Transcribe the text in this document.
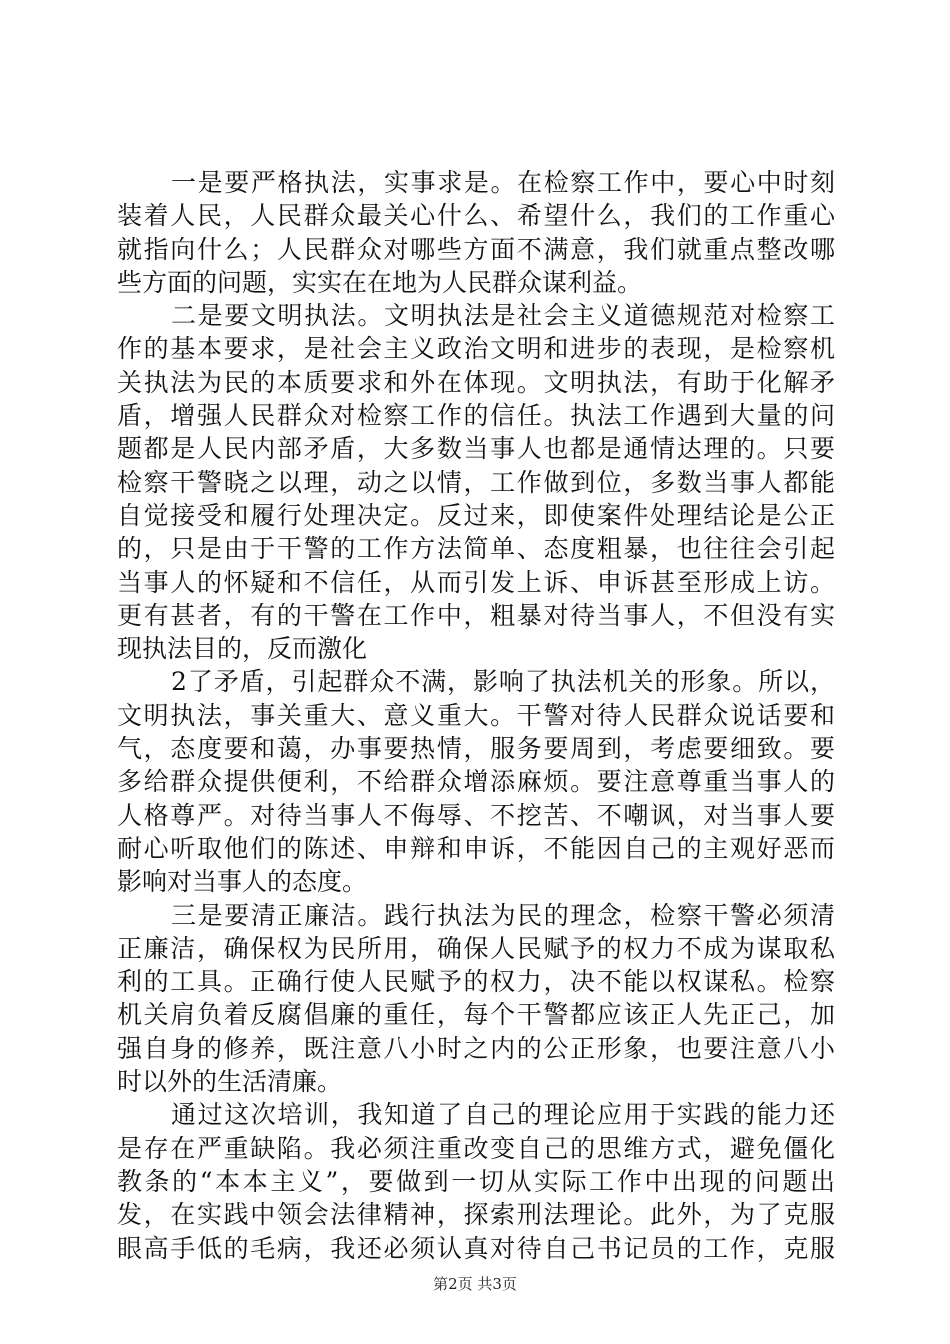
一是要严格执法，实事求是。在检察工作中，要心中时刻
装着人民，人民群众最关心什么、希望什么，我们的工作重心
就指向什么；人民群众对哪些方面不满意，我们就重点整改哪
些方面的问题，实实在在地为人民群众谋利益。
二是要文明执法。文明执法是社会主义道德规范对检察工
作的基本要求，是社会主义政治文明和进步的表现，是检察机
关执法为民的本质要求和外在体现。文明执法，有助于化解矛
盾，增强人民群众对检察工作的信任。执法工作遇到大量的问
题都是人民内部矛盾，大多数当事人也都是通情达理的。只要
检察干警晓之以理，动之以情，工作做到位，多数当事人都能
自觉接受和履行处理决定。反过来，即使案件处理结论是公正
的，只是由于干警的工作方法简单、态度粗暴，也往往会引起
当事人的怀疑和不信任，从而引发上诉、申诉甚至形成上访。
更有甚者，有的干警在工作中，粗暴对待当事人，不但没有实
现执法目的，反而激化
2了矛盾，引起群众不满，影响了执法机关的形象。所以，
文明执法，事关重大、意义重大。干警对待人民群众说话要和
气，态度要和蔼，办事要热情，服务要周到，考虑要细致。要
多给群众提供便利，不给群众增添麻烦。要注意尊重当事人的
人格尊严。对待当事人不侮辱、不挖苦、不嘲讽，对当事人要
耐心听取他们的陈述、申辩和申诉，不能因自己的主观好恶而
影响对当事人的态度。
三是要清正廉洁。践行执法为民的理念，检察干警必须清
正廉洁，确保权为民所用，确保人民赋予的权力不成为谋取私
利的工具。正确行使人民赋予的权力，决不能以权谋私。检察
机关肩负着反腐倡廉的重任，每个干警都应该正人先正己，加
强自身的修养，既注意八小时之内的公正形象，也要注意八小
时以外的生活清廉。
通过这次培训，我知道了自己的理论应用于实践的能力还
是存在严重缺陷。我必须注重改变自己的思维方式，避免僵化
教条的“本本主义”，要做到一切从实际工作中出现的问题出
发，在实践中领会法律精神，探索刑法理论。此外，为了克服
眼高手低的毛病，我还必须认真对待自己书记员的工作，克服
第2页 共3页
